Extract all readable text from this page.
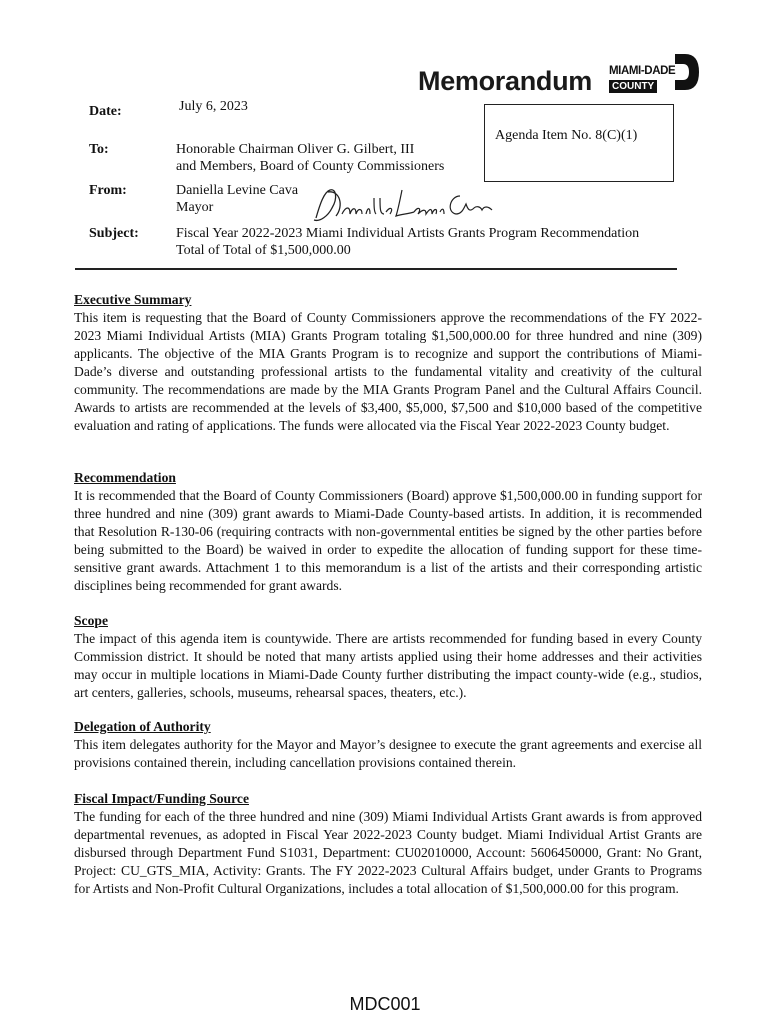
Memorandum MIAMI-DADE
COUNTY
Agenda Item No. 8(C)(1)
Date:	July 6, 2023
To:	Honorable Chairman Oliver G. Gilbert, III
and Members, Board of County Commissioners
From:	Daniella Levine Cava
Mayor
Subject:	Fiscal Year 2022-2023 Miami Individual Artists Grants Program Recommendation
Total of Total of $1,500,000.00
Executive Summary

This item is requesting that the Board of County Commissioners approve the recommendations of the FY 2022-2023 Miami Individual Artists (MIA) Grants Program totaling $1,500,000.00 for three hundred and nine (309) applicants. The objective of the MIA Grants Program is to recognize and support the contributions of Miami-Dade’s diverse and outstanding professional artists to the fundamental vitality and creativity of the cultural community. The recommendations are made by the MIA Grants Program Panel and the Cultural Affairs Council. Awards to artists are recommended at the levels of $3,400, $5,000, $7,500 and $10,000 based of the competitive evaluation and rating of applications. The funds were allocated via the Fiscal Year 2022-2023 County budget.

Recommendation

It is recommended that the Board of County Commissioners (Board) approve $1,500,000.00 in funding support for three hundred and nine (309) grant awards to Miami-Dade County-based artists. In addition, it is recommended that Resolution R-130-06 (requiring contracts with non-governmental entities be signed by the other parties before being submitted to the Board) be waived in order to expedite the allocation of funding support for these time-sensitive grant awards. Attachment 1 to this memorandum is a list of the artists and their corresponding artistic disciplines being recommended for grant awards.

Scope

The impact of this agenda item is countywide. There are artists recommended for funding based in every County Commission district. It should be noted that many artists applied using their home addresses and their activities may occur in multiple locations in Miami-Dade County further distributing the impact county-wide (e.g., studios, art centers, galleries, schools, museums, rehearsal spaces, theaters, etc.).

Delegation of Authority

This item delegates authority for the Mayor and Mayor’s designee to execute the grant agreements and exercise all provisions contained therein, including cancellation provisions contained therein.

Fiscal Impact/Funding Source

The funding for each of the three hundred and nine (309) Miami Individual Artists Grant awards is from approved departmental revenues, as adopted in Fiscal Year 2022-2023 County budget. Miami Individual Artist Grants are disbursed through Department Fund S1031, Department: CU02010000, Account: 5606450000, Grant: No Grant, Project: CU_GTS_MIA, Activity: Grants. The FY 2022-2023 Cultural Affairs budget, under Grants to Programs for Artists and Non-Profit Cultural Organizations, includes a total allocation of $1,500,000.00 for this program.

MDC001
